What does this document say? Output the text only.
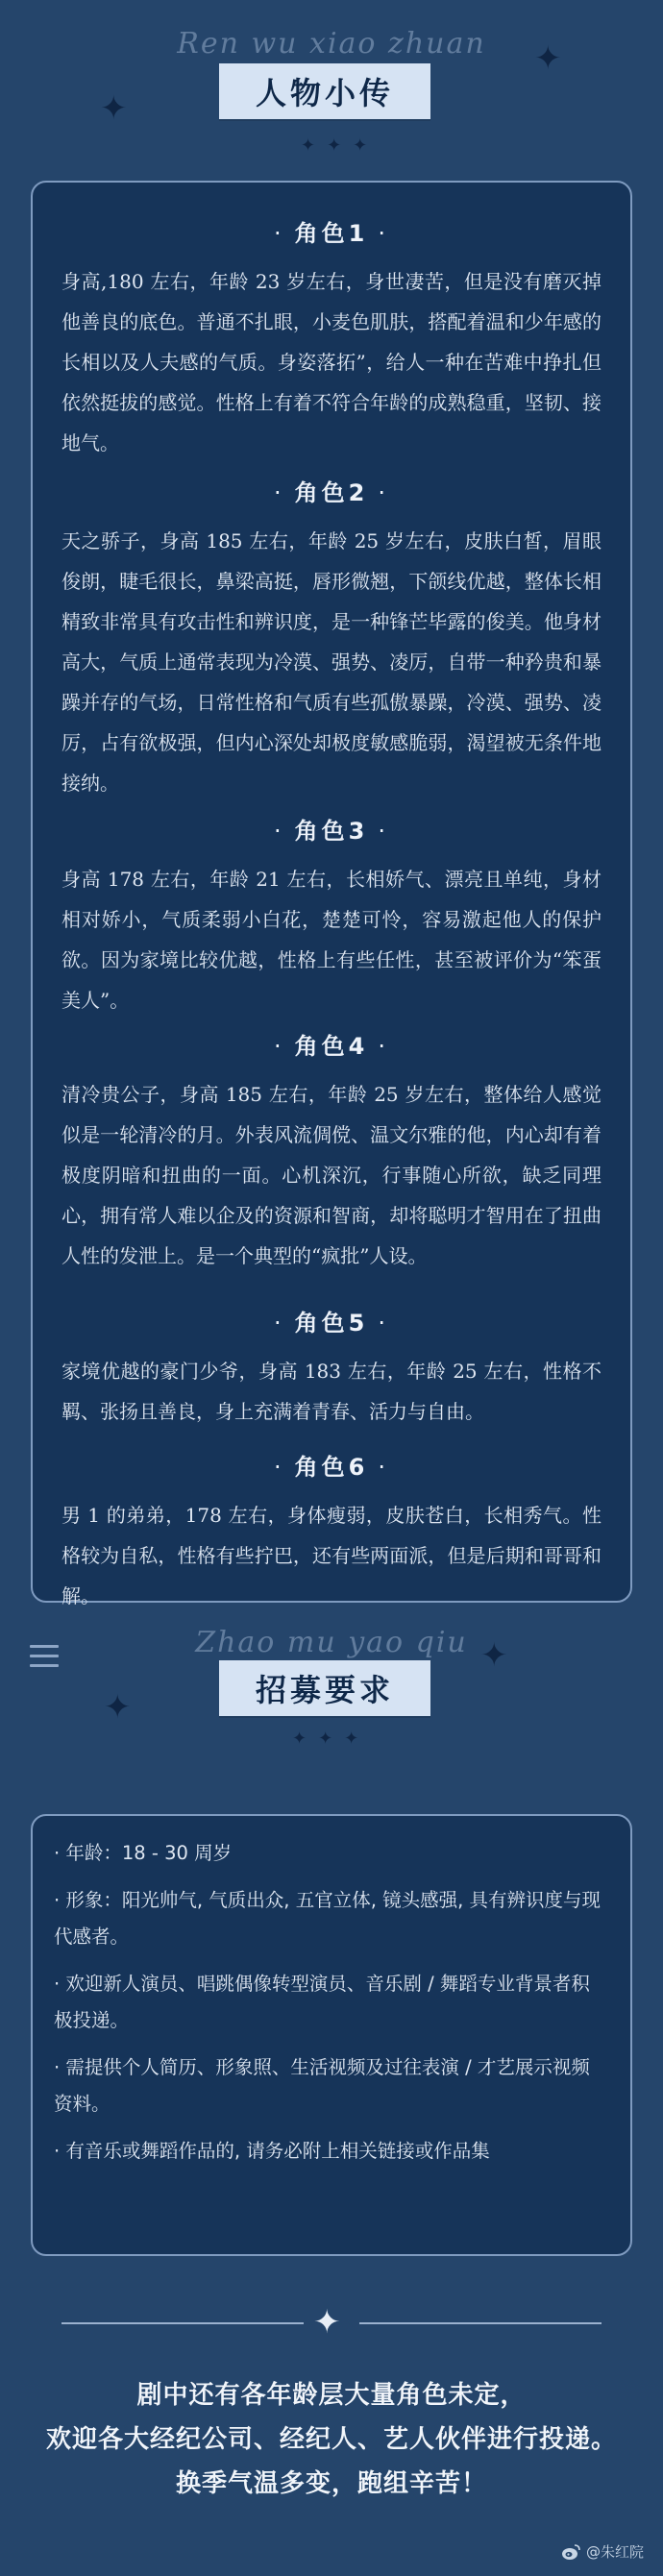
Ren wu xiao zhuan
人物小传
✦
✦
✦✦✦
· 角色1 ·
身高,180 左右，年龄 23 岁左右，身世凄苦，但是没有磨灭掉他善良的底色。普通不扎眼，小麦色肌肤，搭配着温和少年感的长相以及人夫感的气质。身姿落拓”，给人一种在苦难中挣扎但依然挺拔的感觉。性格上有着不符合年龄的成熟稳重，坚韧、接地气。
· 角色2 ·
天之骄子，身高 185 左右，年龄 25 岁左右，皮肤白皙，眉眼俊朗，睫毛很长，鼻梁高挺，唇形微翘，下颌线优越，整体长相精致非常具有攻击性和辨识度，是一种锋芒毕露的俊美。他身材高大，气质上通常表现为冷漠、强势、凌厉，自带一种矜贵和暴躁并存的气场，日常性格和气质有些孤傲暴躁，冷漠、强势、凌厉，占有欲极强，但内心深处却极度敏感脆弱，渴望被无条件地接纳。
· 角色3 ·
身高 178 左右，年龄 21 左右，长相娇气、漂亮且单纯，身材相对娇小，气质柔弱小白花，楚楚可怜，容易激起他人的保护欲。因为家境比较优越，性格上有些任性，甚至被评价为“笨蛋美人”。
· 角色4 ·
清冷贵公子，身高 185 左右，年龄 25 岁左右，整体给人感觉似是一轮清冷的月。外表风流倜傥、温文尔雅的他，内心却有着极度阴暗和扭曲的一面。心机深沉，行事随心所欲，缺乏同理心，拥有常人难以企及的资源和智商，却将聪明才智用在了扭曲人性的发泄上。是一个典型的“疯批”人设。
· 角色5 ·
家境优越的豪门少爷，身高 183 左右，年龄 25 左右，性格不羁、张扬且善良，身上充满着青春、活力与自由。
· 角色6 ·
男 1 的弟弟，178 左右，身体瘦弱，皮肤苍白，长相秀气。性格较为自私，性格有些拧巴，还有些两面派，但是后期和哥哥和解。
Zhao mu yao qiu
招募要求
✦
✦
✦✦✦
· 年龄：18 - 30 周岁
· 形象：阳光帅气, 气质出众, 五官立体, 镜头感强, 具有辨识度与现代感者。
· 欢迎新人演员、唱跳偶像转型演员、音乐剧 / 舞蹈专业背景者积极投递。
· 需提供个人简历、形象照、生活视频及过往表演 / 才艺展示视频资料。
· 有音乐或舞蹈作品的, 请务必附上相关链接或作品集
✦
剧中还有各年龄层大量角色未定，
欢迎各大经纪公司、经纪人、艺人伙伴进行投递。
换季气温多变，跑组辛苦！
@朱红院
